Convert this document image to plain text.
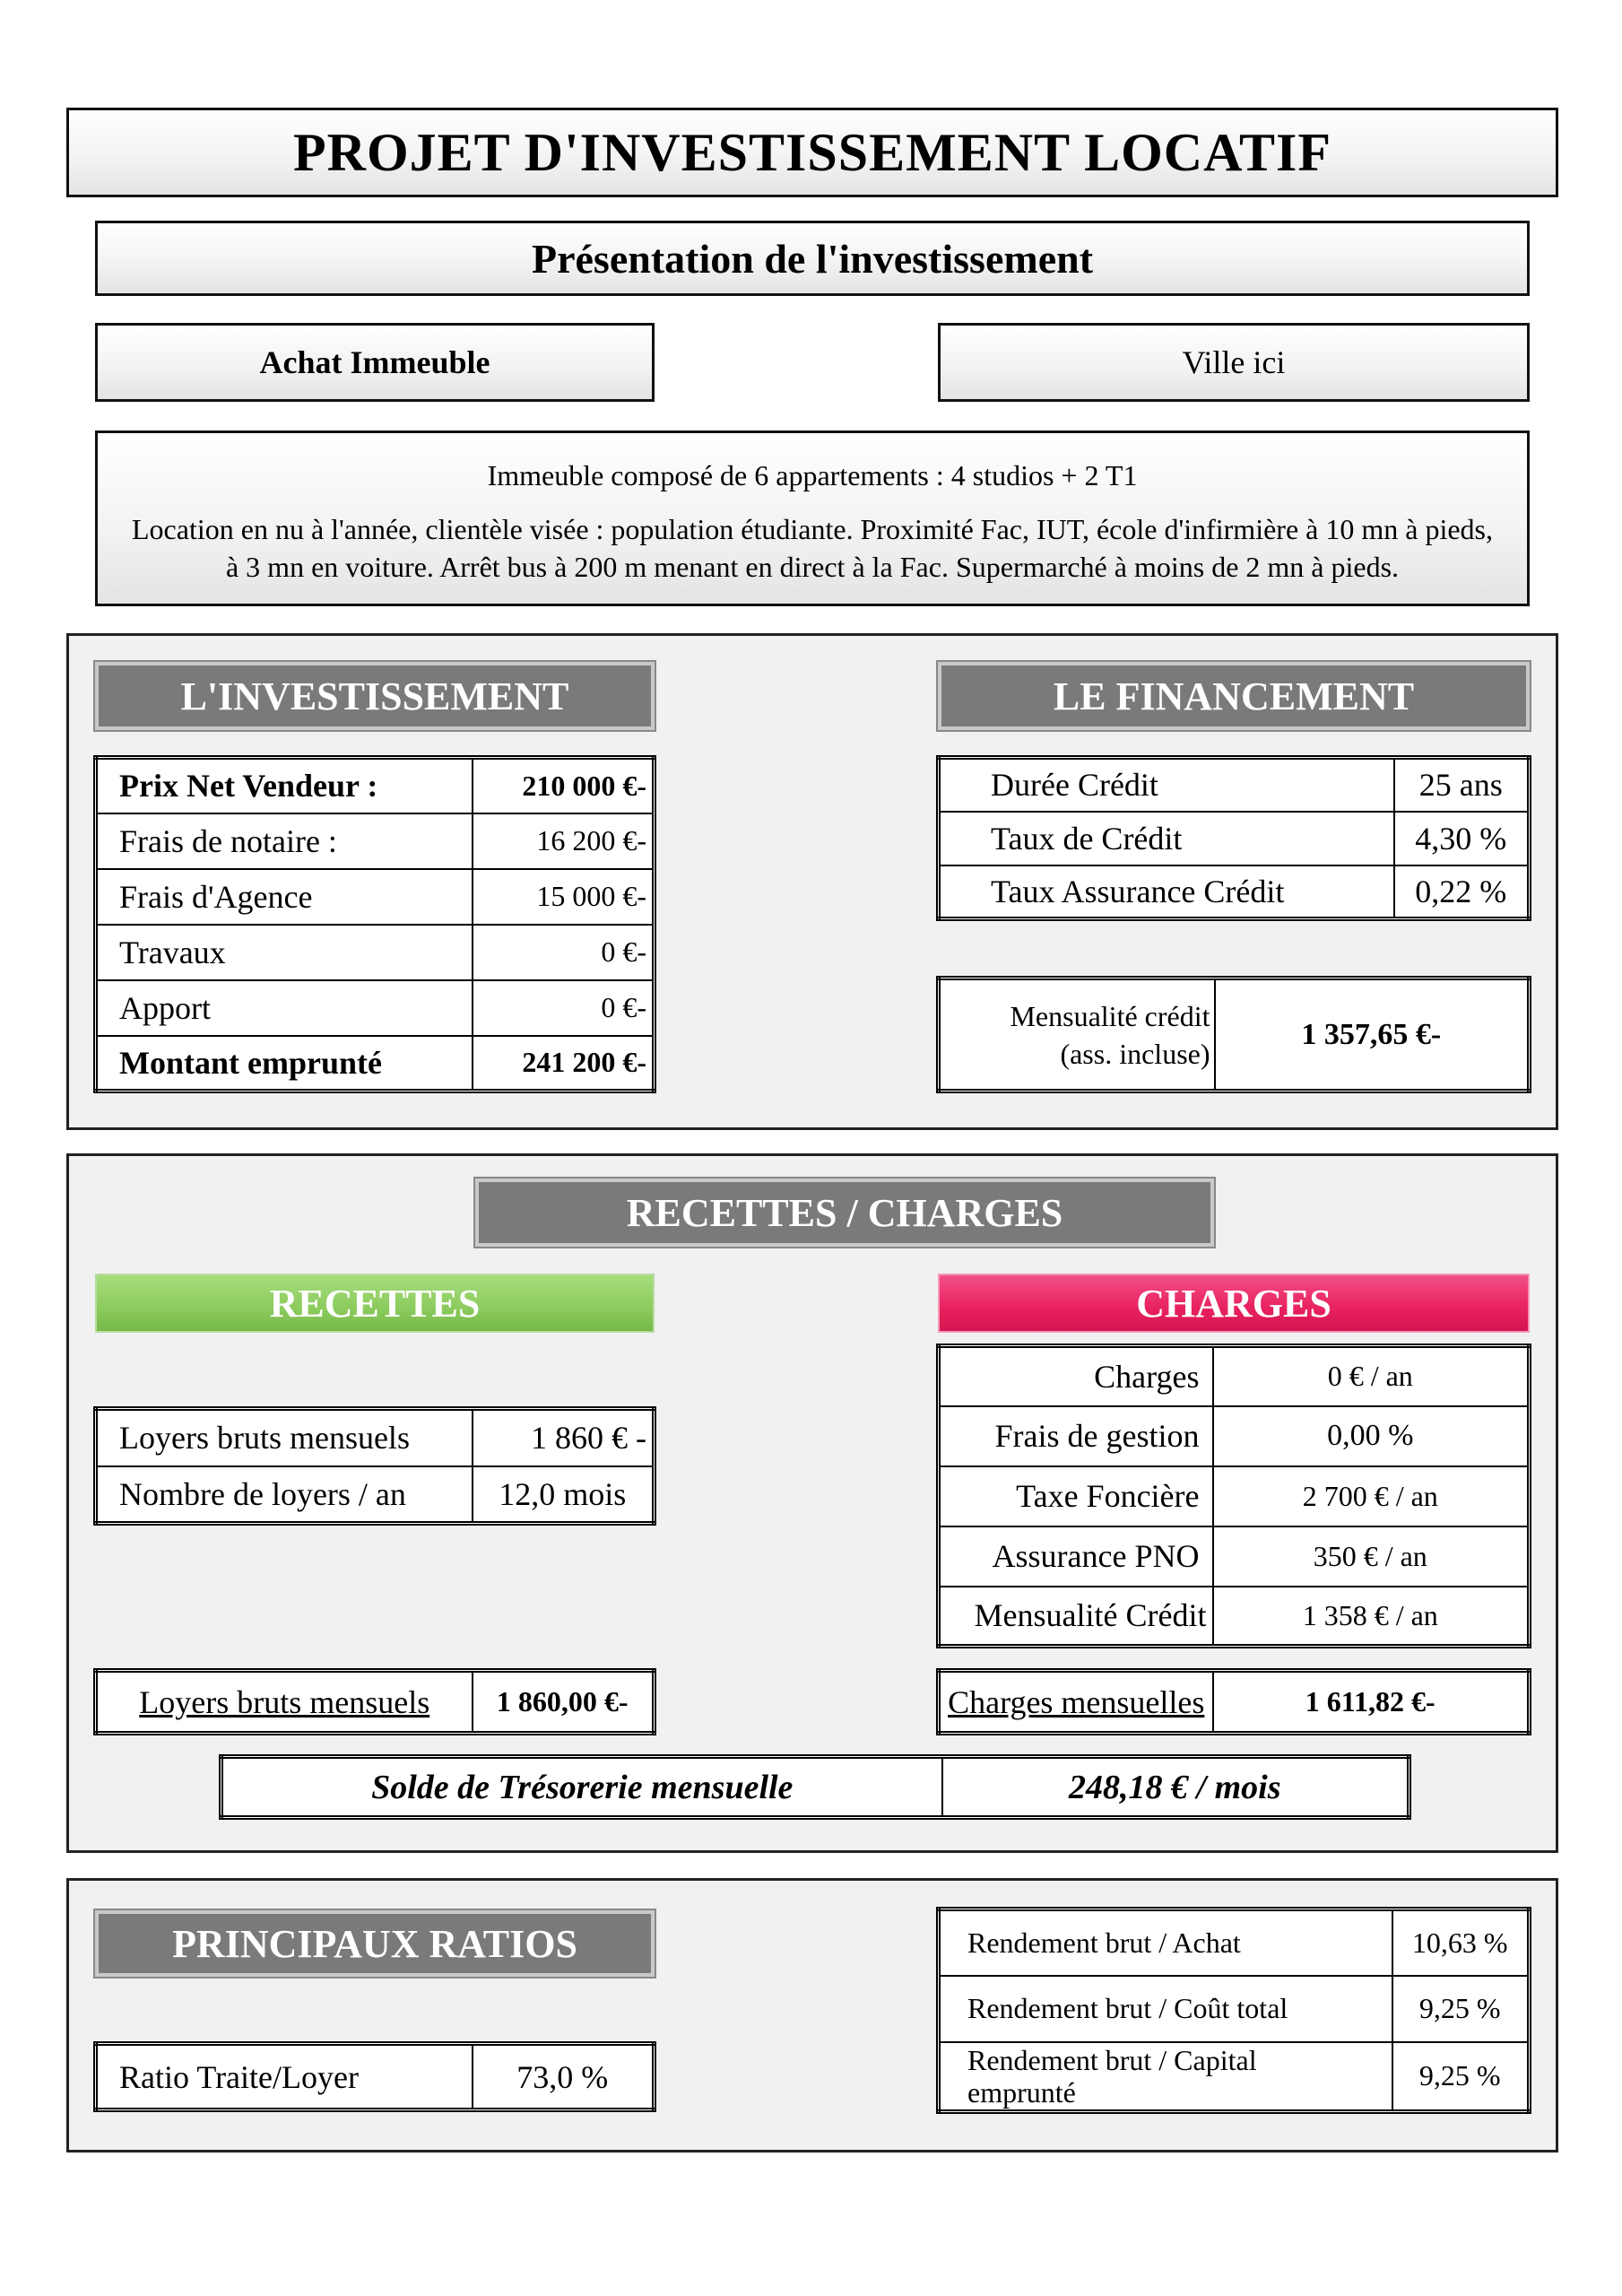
PROJET D'INVESTISSEMENT LOCATIF
Présentation de l'investissement
Achat Immeuble	Ville ici
Immeuble composé de 6 appartements : 4 studios + 2 T1
Location en nu à l'année, clientèle visée : population étudiante. Proximité Fac, IUT, école d'infirmière à 10 mn à pieds, à 3 mn en voiture. Arrêt bus à 200 m menant en direct à la Fac. Supermarché à moins de 2 mn à pieds.
L'INVESTISSEMENT
Prix Net Vendeur :	210 000 €-
Frais de notaire :	16 200 €-
Frais d'Agence	15 000 €-
Travaux	0 €-
Apport	0 €-
Montant emprunté	241 200 €-
LE FINANCEMENT
Durée Crédit	25 ans
Taux de Crédit	4,30 %
Taux Assurance Crédit	0,22 %
Mensualité crédit
(ass. incluse)
	1 357,65 €-
RECETTES / CHARGES
RECETTES	CHARGES
Loyers bruts mensuels	1 860 € -
Nombre de loyers / an	12,0 mois
Charges	0 € / an
Frais de gestion	0,00 %
Taxe Foncière	2 700 € / an
Assurance PNO	350 € / an
Mensualité Crédit	1 358 € / an
Loyers bruts mensuels	1 860,00 €-	Charges mensuelles	1 611,82 €-
Solde de Trésorerie mensuelle	248,18 € / mois
PRINCIPAUX RATIOS
Ratio Traite/Loyer	73,0 %
Rendement brut / Achat	10,63 %
Rendement brut / Coût total	9,25 %
Rendement brut / Capital emprunté	9,25 %
